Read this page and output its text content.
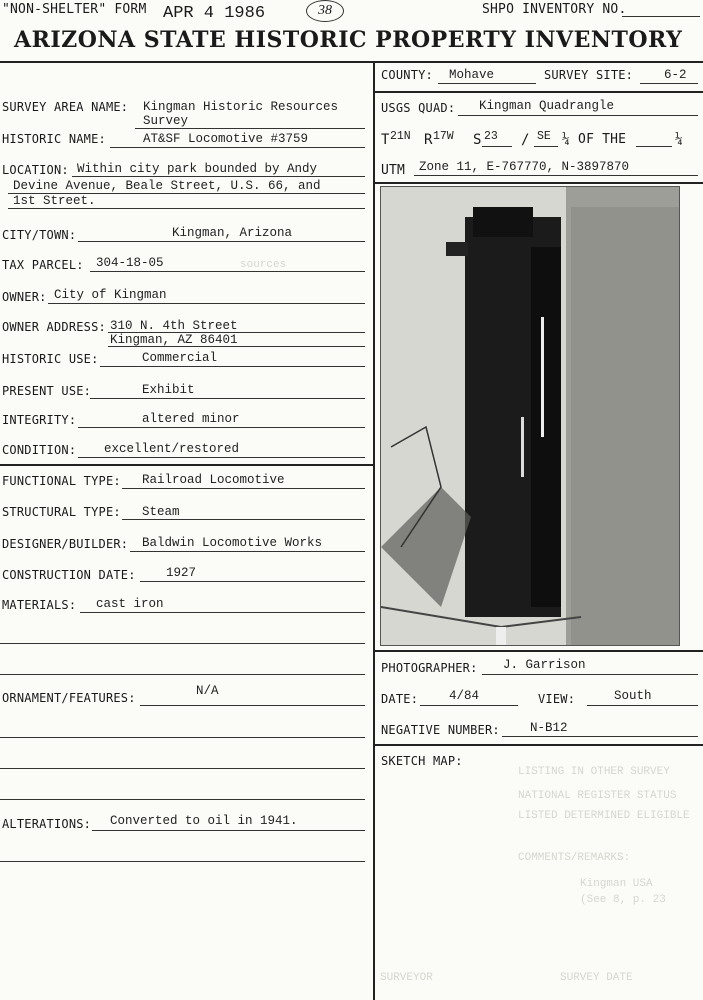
"NON-SHELTER" FORM APR 4 1986	38	SHPO INVENTORY NO.
ARIZONA STATE HISTORIC PROPERTY INVENTORY
SURVEY AREA NAME: Kingman Historic Resources
Survey
HISTORIC NAME:	AT&SF Locomotive #3759
LOCATION: Within city park bounded by Andy
Devine Avenue, Beale Street, U.S. 66, and
1st Street.
CITY/TOWN:	Kingman, Arizona
TAX PARCEL: 304-18-05
OWNER: City of Kingman
OWNER ADDRESS: 310 N. 4th Street
Kingman, AZ 86401
HISTORIC USE:	Commercial
PRESENT USE:	Exhibit
INTEGRITY:	altered minor
CONDITION: excellent/restored
FUNCTIONAL TYPE: Railroad Locomotive
STRUCTURAL TYPE: Steam
DESIGNER/BUILDER: Baldwin Locomotive Works
CONSTRUCTION DATE: 1927
MATERIALS: cast iron
ORNAMENT/FEATURES:	N/A
ALTERATIONS: Converted to oil in 1941.
COUNTY: Mohave	SURVEY SITE: 6-2
USGS QUAD: Kingman Quadrangle
T 21N R 17W S 23 / SE ¼ OF THE	¼
UTM Zone 11, E-767770, N-3897870
PHOTOGRAPHER: J. Garrison
DATE: 4/84	VIEW:	South
NEGATIVE NUMBER: N-B12
SKETCH MAP:
sources
LISTING IN OTHER SURVEY
NATIONAL REGISTER STATUS
LISTED DETERMINED ELIGIBLE
COMMENTS/REMARKS:
Kingman USA
(See 8, p. 23
SURVEYOR	SURVEY DATE
